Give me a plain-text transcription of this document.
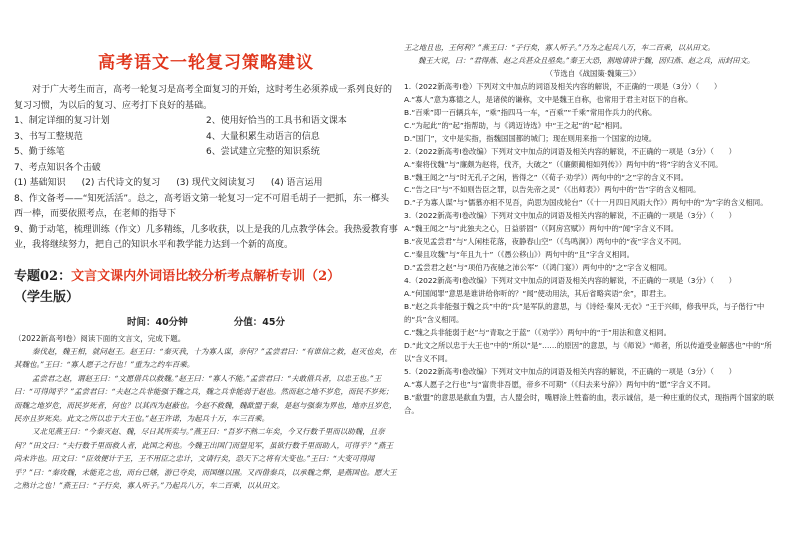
高考语文一轮复习策略建议

对于广大考生而言，高考一轮复习是高考全面复习的开始，这时考生必须养成一系列良好的复习习惯，为以后的复习、应考打下良好的基础。

1、制定详细的复习计划	2、使用好恰当的工具书和语文课本
3、书写工整规范	4、大量积累生动语言的信息
5、勤于练笔	6、尝试建立完整的知识系统

7、考点知识各个击破

(1) 基础知识 (2) 古代诗文的复习 (3) 现代文阅读复习 (4) 语言运用

8、作文备考——“知死活活”。总之，高考语文第一轮复习一定不可眉毛胡子一把抓，东一榔头西一棒，而要依照考点，在老师的指导下

9、勤于动笔，梳理训练（作文）几多精练，几多收获，以上是我的几点教学体会。我热爱教育事业，我将继续努力，把自己的知识水平和教学能力达到一个新的高度。

专题02：文言文课内外词语比较分析考点解析专训（2）（学生版）
时间：40分钟	分值：45分

（2022新高考Ⅰ卷）阅读下面的文言文，完成下题。

秦伐赵，魏王相，就问赵王。赵王曰：“秦灭我，十为寡人谋，奈何？”孟尝君曰：“有谁信之救，赵灭也矣，在其魏也。”王曰：“寡人愿子之行也！”重为之约车百乘。

孟尝君之赵，谓赵王曰：“文愿借兵以救魏。”赵王曰：“寡人不能。”孟尝君曰：“夫敢借兵者，以忠王也。”王曰：“可得闻乎？”孟尝君曰：“夫赵之兵非能强于魏之兵，魏之兵非能弱于赵也。然而赵之地不岁危，而民不岁死；而魏之地岁危，而民岁死者，何也？以其西为赵蔽也。今赵不救魏，魏歃盟于秦，是赵与强秦为界也，地亦且岁危，民亦且岁死矣。此文之所以忠于大王也。”赵王许诺，为起兵十万，车三百乘。

又北见燕王曰：“今秦灭赵、魏，尽日其所卖与。”燕王曰：“吾岁不熟二年矣，今又行数千里而以助魏，且奈何？”田文曰：“夫行数千里而救人者，此国之利也。今魏王出国门而望见军，虽欲行数千里而助人，可得乎？”燕王尚未许也。田文曰：“臣效便计于王，王不用臣之忠计，文请行矣，恐天下之将有大变也。”王曰：“大变可得闻乎？”曰：“秦攻魏，未能克之也，而台已燔，游已夺矣，而国继以围。又西借秦兵，以承魏之弊，是燕国也。愿大王之熟计之也！”燕王曰：“子行矣，寡人听子。”乃起兵八万，车二百乘，以从田文。

王之地且也，王何利？”燕王曰：“子行矣，寡人听子。”乃为之起兵八万，车二百乘，以从田文。

魏王大说，曰：“君得燕、赵之兵甚众且亟矣。”秦王大恐，割地请讲于魏，因归燕、赵之兵，而封田文。

（节选自《战国策·魏策三》）

1.（2022新高考Ⅰ卷）下列对文中加点的词语及相关内容的解说，不正确的一项是（3分）（　　）

A.“寡人”意为寡德之人，是诸侯的谦称，文中是魏王自称，也常用于君主对臣下的自称。

B.“百乘”即一百辆兵车，“乘”指四马一车，“百乘”“千乘”常用作兵力的代称。

C.“为起此”的“起”指帮助，与《鸿迈诗选》中“王之起”的“起”相同。

D.“国门”，文中是实指，指魏国国都的城门；现在则用来指一个国家的边境。

2.（2022新高考Ⅰ卷改编）下列对文中加点的词语及相关内容的解说，不正确的一项是（3分）（　　）

A.“秦将伐魏”与“廉颇为赵将，伐齐，大破之”（《廉颇蔺相如列传》）两句中的“将”字的含义不同。

B.“魏王闻之”与“时无孔子之闲，皆得之”（《荀子·劝学》）两句中的“之”字的含义不同。

C.“告之曰”与“不如则告臣之罪，以告先帝之灵”（《出师表》）两句中的“告”字的含义相同。

D.“子为寡人谋”与“儒慕亦相不见吾，尚思为国戍轮台”（《十一月四日风雨大作》）两句中的“为”字的含义相同。

3.（2022新高考Ⅰ卷改编）下列对文中加点的词语及相关内容的解说，不正确的一项是（3分）（　　）

A.“魏王闻之”与“此独夫之心，日益骄固”（《阿房宫赋》）两句中的“闻”字含义不同。

B.“夜见孟尝君”与“人闲桂花落，夜静春山空”（《鸟鸣涧》）两句中的“夜”字含义不同。

C.“秦且攻魏”与“年且九十”（《愚公移山》）两句中的“且”字含义相同。

D.“孟尝君之赵”与“项伯乃夜驰之沛公军”（《鸿门宴》）两句中的“之”字含义相同。

4.（2022新高考Ⅰ卷改编）下列对文中加点的词语及相关内容的解说，不正确的一项是（3分）（　　）

A.“何国闻罪”意思是谁讲给你听的？“闻”使动用法，其后省略宾语“余”，即君主。

B.“赵之兵非能强于魏之兵”中的“兵”是军队的意思，与《诗经·秦风·无衣》“王于兴师，修我甲兵，与子偕行”中的“兵”含义相同。

C.“魏之兵非能弱于赵”与“青取之于蓝”（《劝学》）两句中的“于”用法和意义相同。

D.“此文之所以忠于大王也”中的“所以”是“……的原因”的意思，与《师说》“师者，所以传道受业解惑也”中的“所以”含义不同。

5.（2022新高考Ⅰ卷改编）下列对文中加点的词语及相关内容的解说，不正确的一项是（3分）（　　）

A.“寡人愿子之行也”与“富贵非吾愿，帝乡不可期”（《归去来兮辞》）两句中的“愿”字含义不同。

B.“歃盟”的意思是歃血为盟，古人盟会时，嘴唇涂上牲畜的血，表示诚信，是一种庄重的仪式，现指两个国家的联合。
